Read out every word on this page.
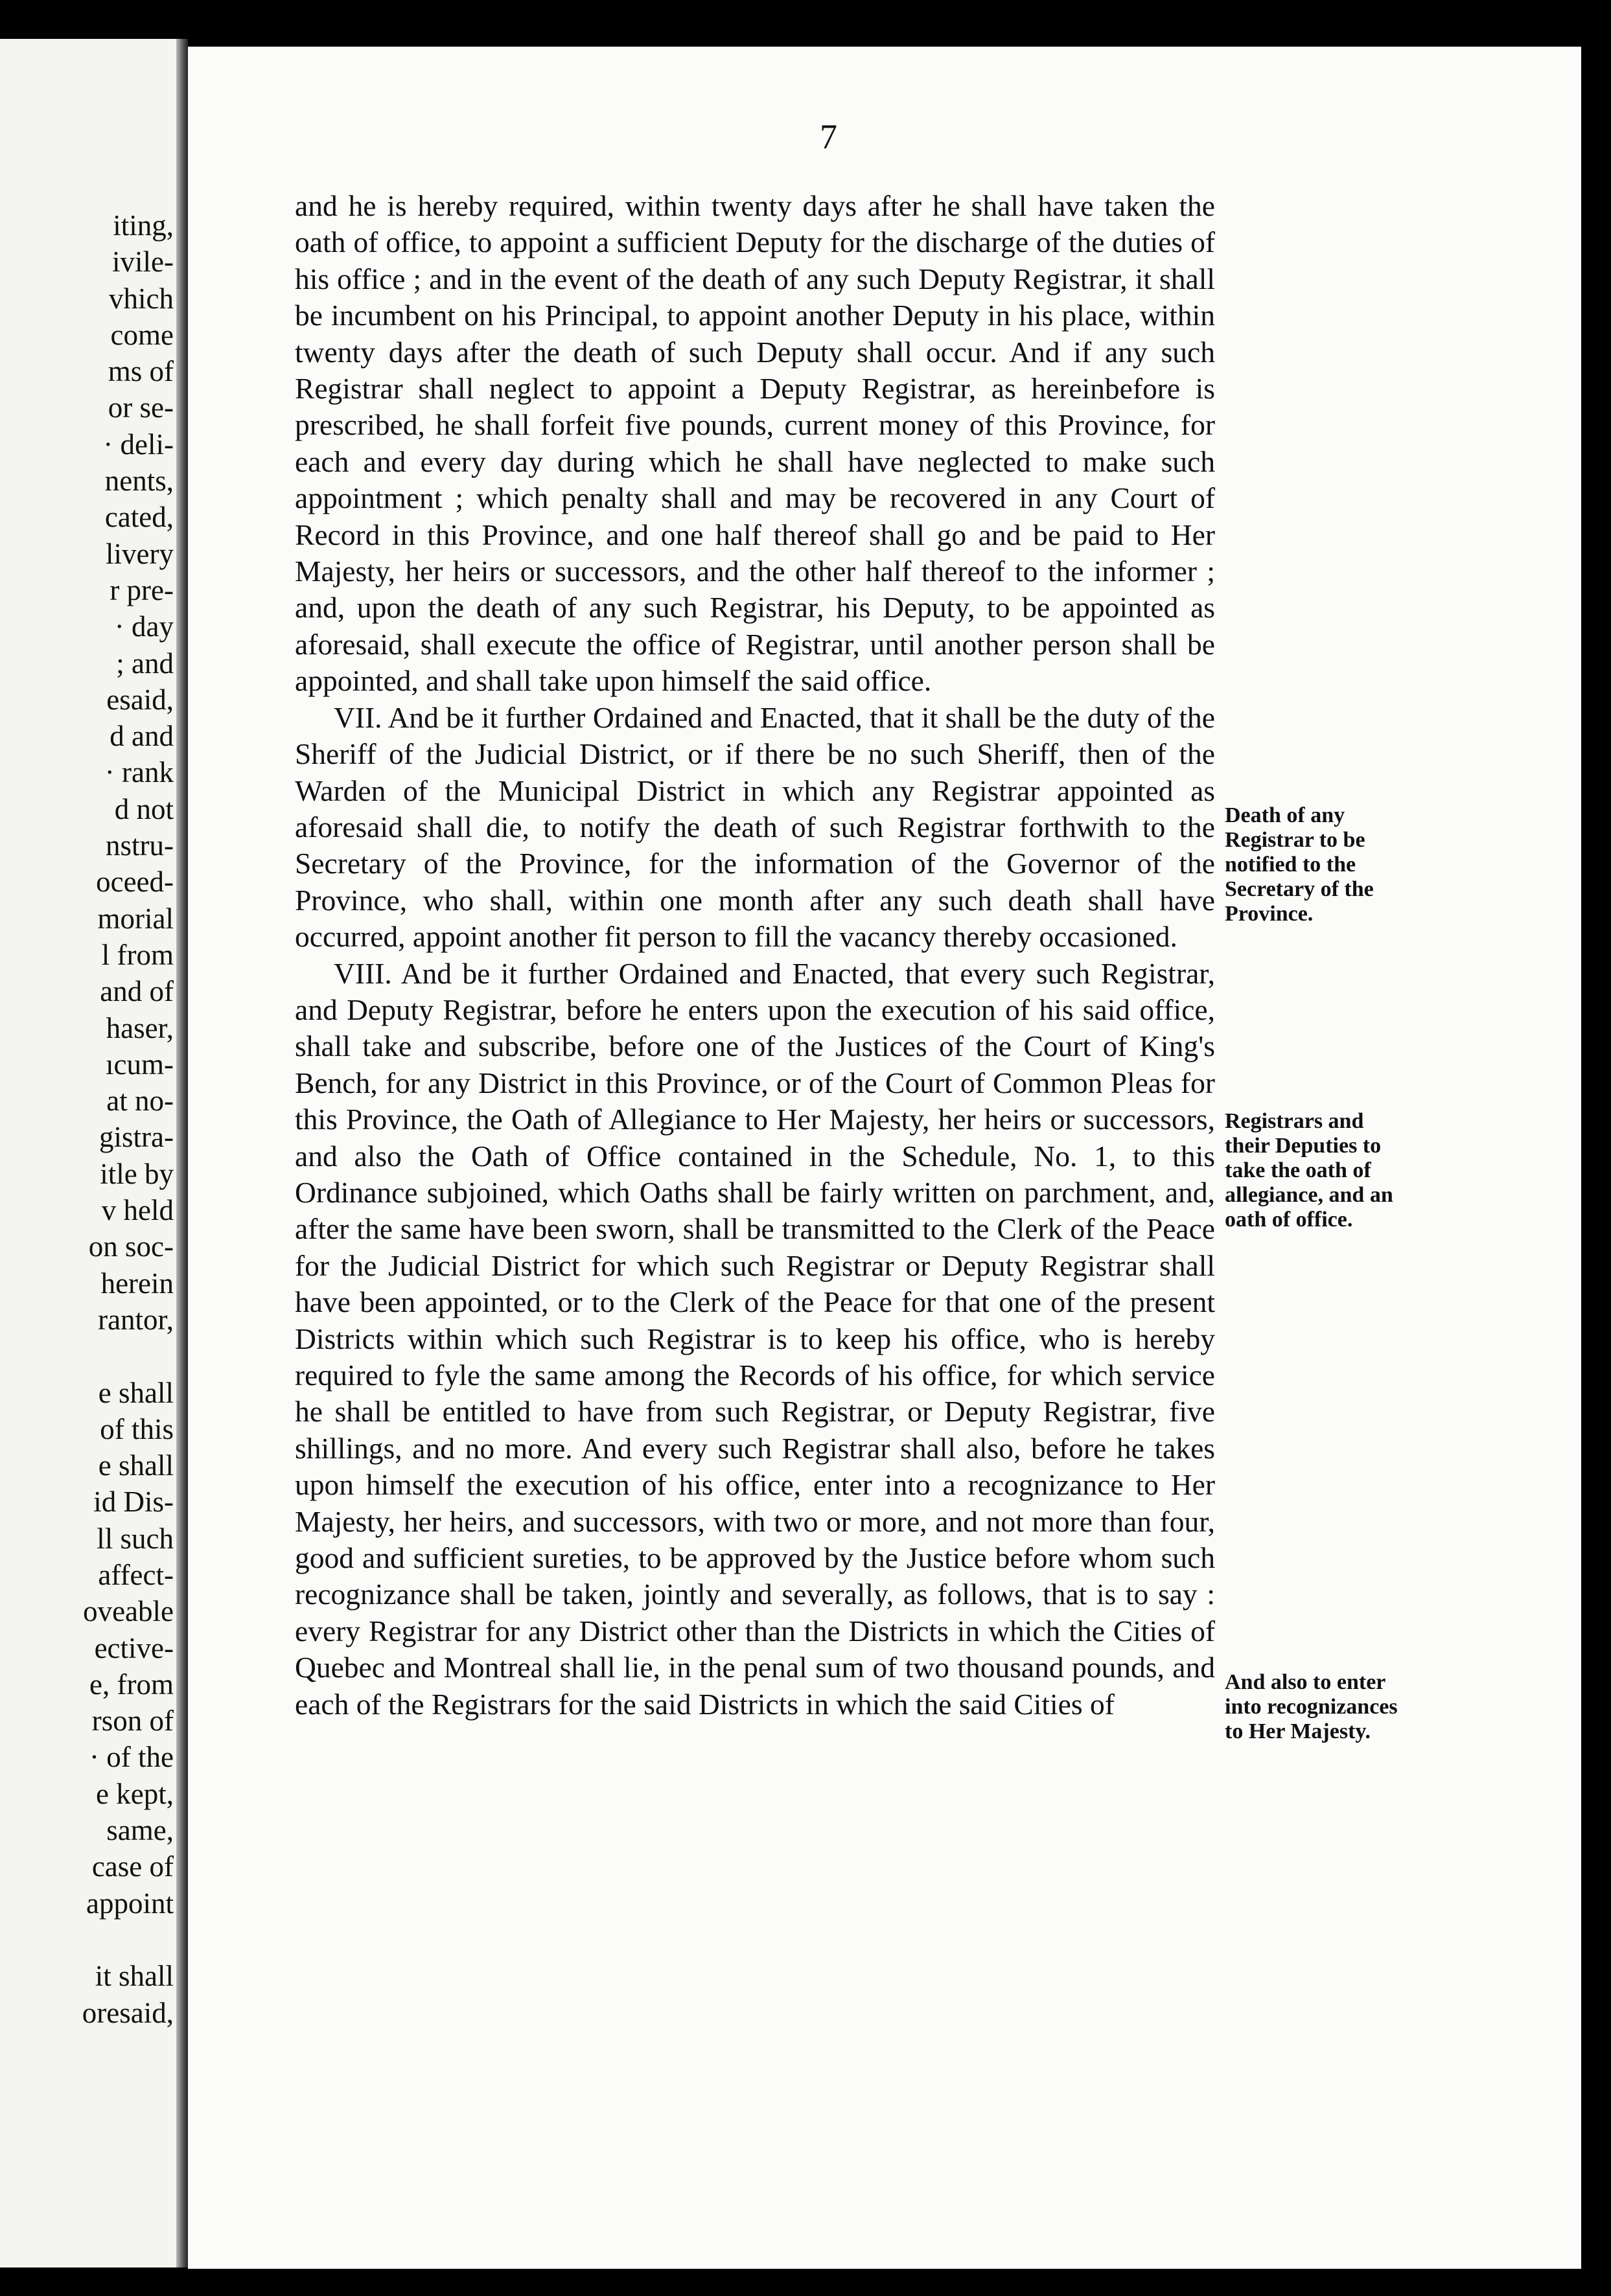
iting,
ivile-
vhich
come
ms of
or se-
· deli-
nents,
cated,
livery
r pre-
· day
; and
esaid,
d and
· rank
d not
nstru-
oceed-
morial
l from
and of
haser,
ıcum-
at no-
gistra-
itle by
v held
on soc-
herein
rantor,
e shall
of this
e shall
id Dis-
ll such
affect-
oveable
ective-
e, from
rson of
· of the
e kept,
same,
case of
appoint
it shall
oresaid,
7

and he is hereby required, within twenty days after he shall have taken the oath of office, to appoint a sufficient Deputy for the discharge of the duties of his office ; and in the event of the death of any such Deputy Registrar, it shall be incumbent on his Principal, to appoint another Deputy in his place, within twenty days after the death of such Deputy shall occur. And if any such Registrar shall neglect to appoint a Deputy Registrar, as hereinbefore is prescribed, he shall forfeit five pounds, current money of this Province, for each and every day during which he shall have neglected to make such appointment ; which penalty shall and may be recovered in any Court of Record in this Province, and one half thereof shall go and be paid to Her Majesty, her heirs or successors, and the other half thereof to the informer ; and, upon the death of any such Registrar, his Deputy, to be appointed as aforesaid, shall execute the office of Registrar, until another person shall be appointed, and shall take upon himself the said office.

VII. And be it further Ordained and Enacted, that it shall be the duty of the Sheriff of the Judicial District, or if there be no such Sheriff, then of the Warden of the Municipal District in which any Registrar appointed as aforesaid shall die, to notify the death of such Registrar forthwith to the Secretary of the Province, for the information of the Governor of the Province, who shall, within one month after any such death shall have occurred, appoint another fit person to fill the vacancy thereby occasioned.

VIII. And be it further Ordained and Enacted, that every such Registrar, and Deputy Registrar, before he enters upon the execution of his said office, shall take and subscribe, before one of the Justices of the Court of King's Bench, for any District in this Province, or of the Court of Common Pleas for this Province, the Oath of Allegiance to Her Majesty, her heirs or successors, and also the Oath of Office contained in the Schedule, No. 1, to this Ordinance subjoined, which Oaths shall be fairly written on parchment, and, after the same have been sworn, shall be transmitted to the Clerk of the Peace for the Judicial District for which such Registrar or Deputy Registrar shall have been appointed, or to the Clerk of the Peace for that one of the present Districts within which such Registrar is to keep his office, who is hereby required to fyle the same among the Records of his office, for which service he shall be entitled to have from such Registrar, or Deputy Registrar, five shillings, and no more. And every such Registrar shall also, before he takes upon himself the execution of his office, enter into a recognizance to Her Majesty, her heirs, and successors, with two or more, and not more than four, good and sufficient sureties, to be approved by the Justice before whom such recognizance shall be taken, jointly and severally, as follows, that is to say : every Registrar for any District other than the Districts in which the Cities of Quebec and Montreal shall lie, in the penal sum of two thousand pounds, and each of the Registrars for the said Districts in which the said Cities of

Death of any Registrar to be notified to the Secretary of the Province.
Registrars and their Deputies to take the oath of allegiance, and an oath of office.
And also to enter into recognizances to Her Majesty.
